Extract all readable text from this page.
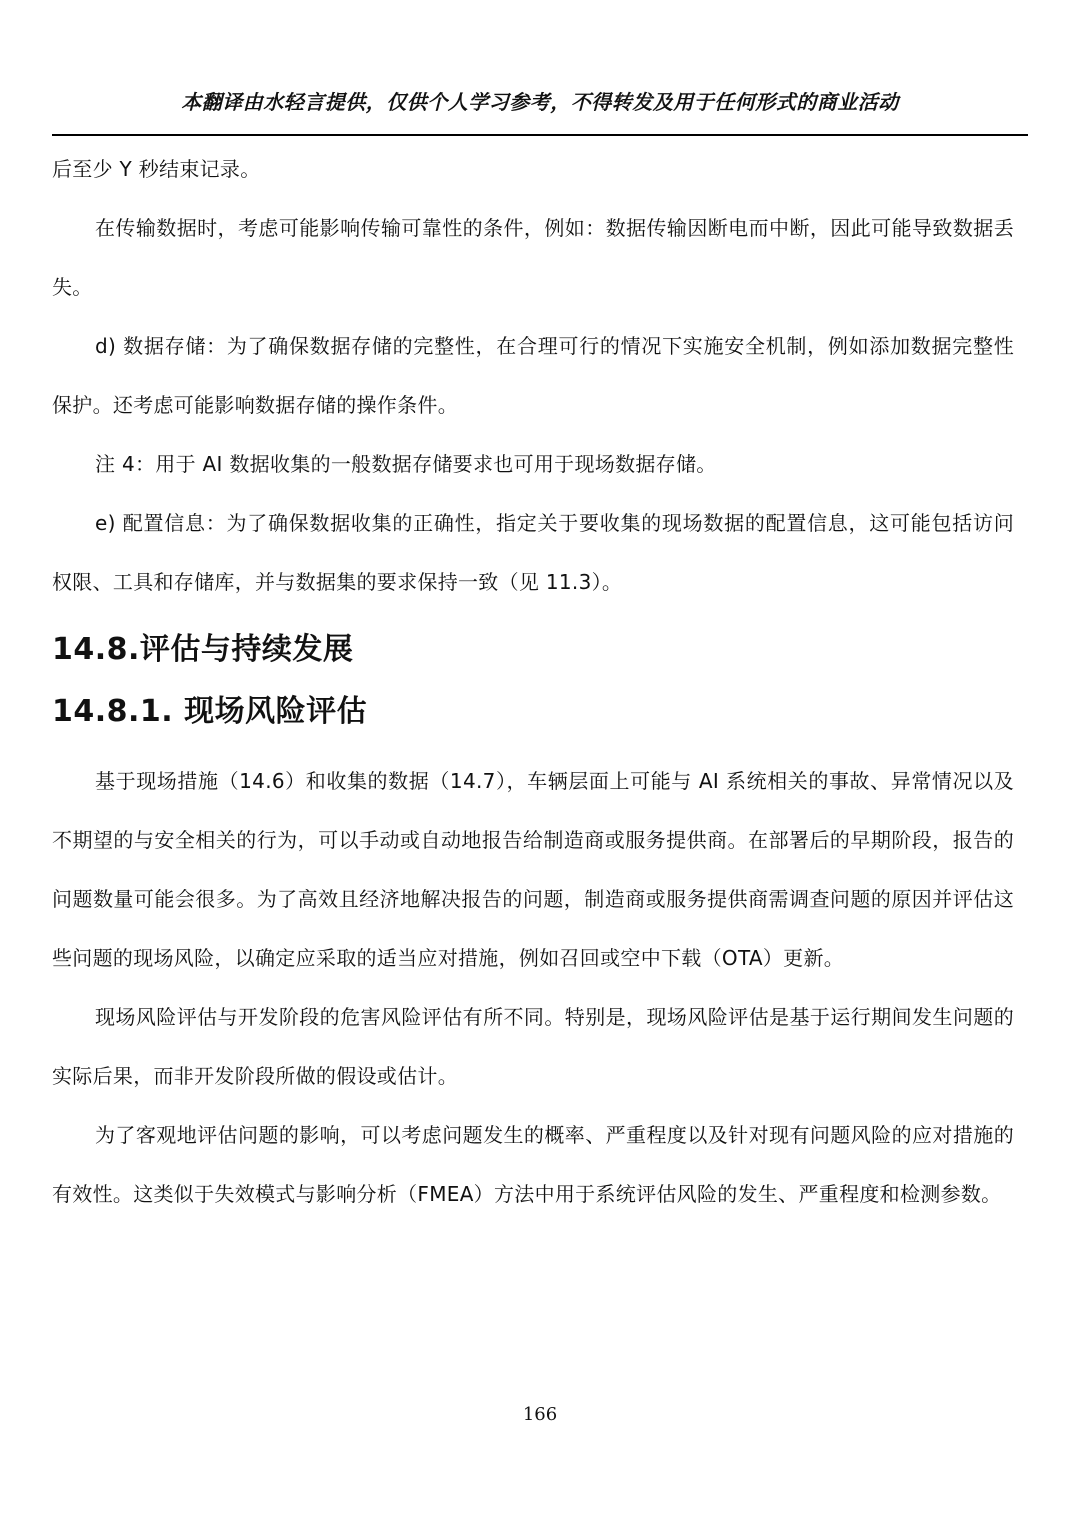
本翻译由水轻言提供，仅供个人学习参考，不得转发及用于任何形式的商业活动

后至少 Y 秒结束记录。

在传输数据时，考虑可能影响传输可靠性的条件，例如：数据传输因断电而中断，因此可能导致数据丢失。

d) 数据存储：为了确保数据存储的完整性，在合理可行的情况下实施安全机制，例如添加数据完整性保护。还考虑可能影响数据存储的操作条件。

注 4：用于 AI 数据收集的一般数据存储要求也可用于现场数据存储。

e) 配置信息：为了确保数据收集的正确性，指定关于要收集的现场数据的配置信息，这可能包括访问权限、工具和存储库，并与数据集的要求保持一致（见 11.3）。

14.8.评估与持续发展
14.8.1. 现场风险评估

基于现场措施（14.6）和收集的数据（14.7），车辆层面上可能与 AI 系统相关的事故、异常情况以及不期望的与安全相关的行为，可以手动或自动地报告给制造商或服务提供商。在部署后的早期阶段，报告的问题数量可能会很多。为了高效且经济地解决报告的问题，制造商或服务提供商需调查问题的原因并评估这些问题的现场风险，以确定应采取的适当应对措施，例如召回或空中下载（OTA）更新。

现场风险评估与开发阶段的危害风险评估有所不同。特别是，现场风险评估是基于运行期间发生问题的实际后果，而非开发阶段所做的假设或估计。

为了客观地评估问题的影响，可以考虑问题发生的概率、严重程度以及针对现有问题风险的应对措施的有效性。这类似于失效模式与影响分析（FMEA）方法中用于系统评估风险的发生、严重程度和检测参数。

166
